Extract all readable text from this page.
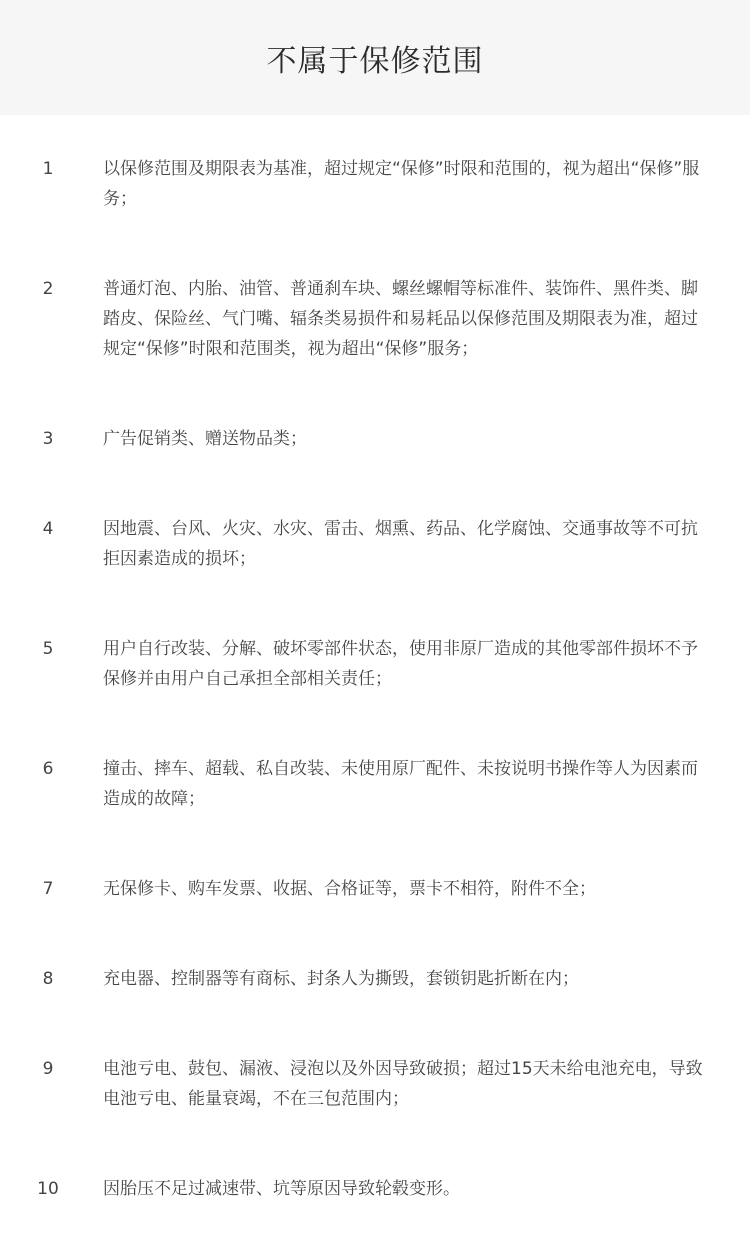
不属于保修范围
1	以保修范围及期限表为基准，超过规定“保修”时限和范围的，视为超出“保修”服务；
2	普通灯泡、内胎、油管、普通刹车块、螺丝螺帽等标准件、装饰件、黑件类、脚踏皮、保险丝、气门嘴、辐条类易损件和易耗品以保修范围及期限表为准，超过规定“保修”时限和范围类，视为超出“保修”服务；
3	广告促销类、赠送物品类；
4	因地震、台风、火灾、水灾、雷击、烟熏、药品、化学腐蚀、交通事故等不可抗拒因素造成的损坏；
5	用户自行改装、分解、破坏零部件状态，使用非原厂造成的其他零部件损坏不予保修并由用户自己承担全部相关责任；
6	撞击、摔车、超载、私自改装、未使用原厂配件、未按说明书操作等人为因素而造成的故障；
7	无保修卡、购车发票、收据、合格证等，票卡不相符，附件不全；
8	充电器、控制器等有商标、封条人为撕毁，套锁钥匙折断在内；
9	电池亏电、鼓包、漏液、浸泡以及外因导致破损；超过15天未给电池充电，导致电池亏电、能量衰竭，不在三包范围内；
10	因胎压不足过减速带、坑等原因导致轮毂变形。
